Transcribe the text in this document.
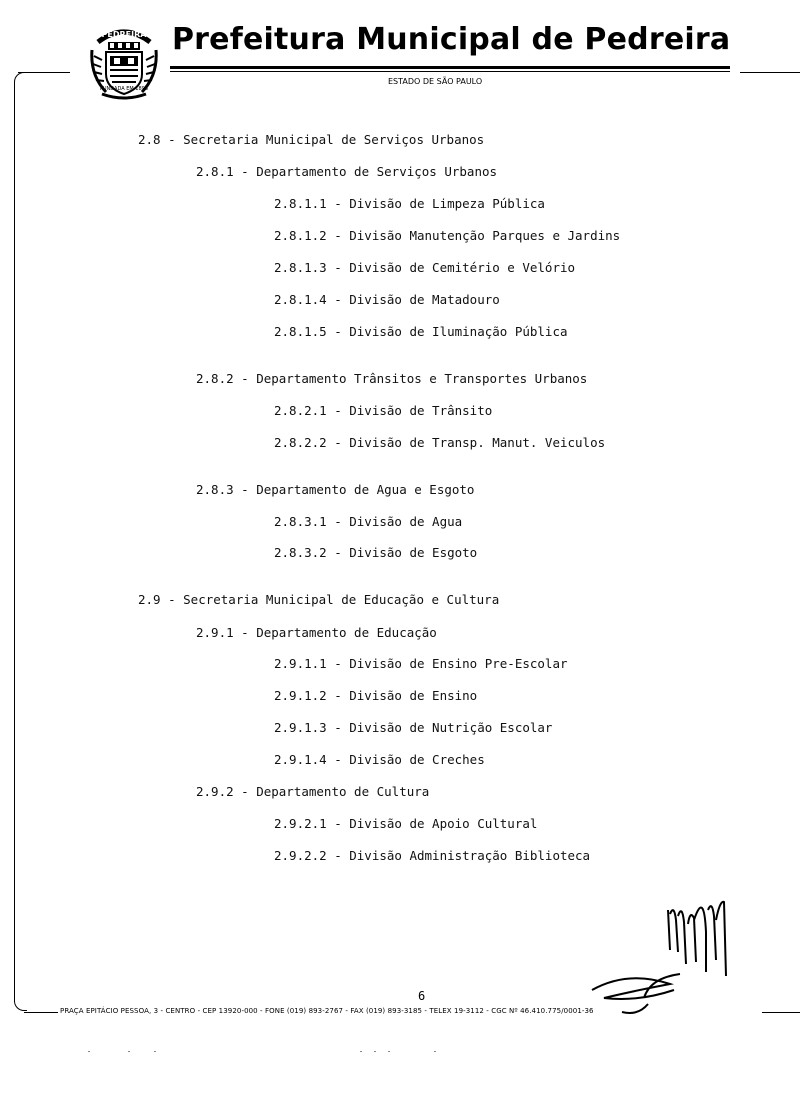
PEDREIRA
FUNDADA EM 1896
Prefeitura Municipal de Pedreira
ESTADO DE SÃO PAULO
2.8 - Secretaria Municipal de Serviços Urbanos
2.8.1 - Departamento de Serviços Urbanos
2.8.1.1 - Divisão de Limpeza Pública
2.8.1.2 - Divisão Manutenção Parques e Jardins
2.8.1.3 - Divisão de Cemitério e Velório
2.8.1.4 - Divisão de Matadouro
2.8.1.5 - Divisão de Iluminação Pública
2.8.2 - Departamento Trânsitos e Transportes Urbanos
2.8.2.1 - Divisão de Trânsito
2.8.2.2 - Divisão de Transp. Manut. Veiculos
2.8.3 - Departamento de Agua e Esgoto
2.8.3.1 - Divisão de Agua
2.8.3.2 - Divisão de Esgoto
2.9 - Secretaria Municipal de Educação e Cultura
2.9.1 - Departamento de Educação
2.9.1.1 - Divisão de Ensino Pre-Escolar
2.9.1.2 - Divisão de Ensino
2.9.1.3 - Divisão de Nutrição Escolar
2.9.1.4 - Divisão de Creches
2.9.2 - Departamento de Cultura
2.9.2.1 - Divisão de Apoio Cultural
2.9.2.2 - Divisão Administração Biblioteca
6
PRAÇA EPITÁCIO PESSOA, 3 - CENTRO - CEP 13920-000 - FONE (019) 893-2767 - FAX (019) 893-3185 - TELEX 19-3112 - CGC Nº 46.410.775/0001-36
